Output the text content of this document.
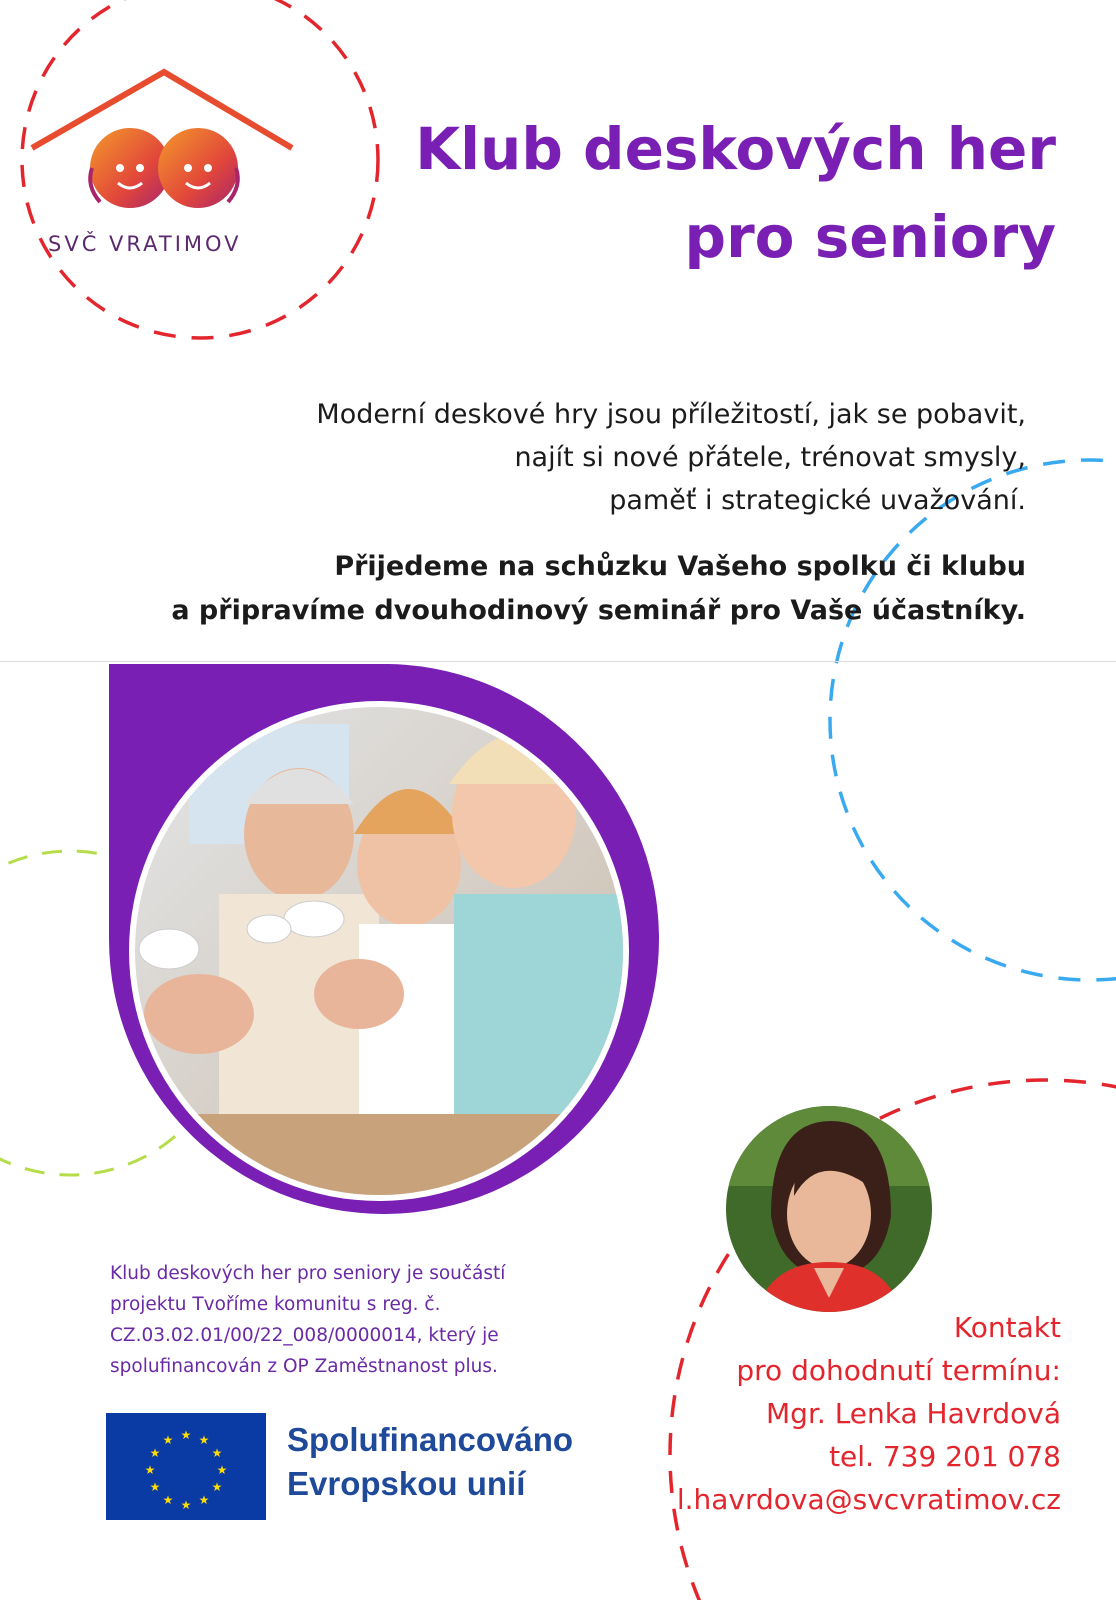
SVČ VRATIMOV
Klub deskových her
pro seniory
Moderní deskové hry jsou příležitostí, jak se pobavit,
najít si nové přátele, trénovat smysly,
paměť i strategické uvažování.
Přijedeme na schůzku Vašeho spolku či klubu
a připravíme dvouhodinový seminář pro Vaše účastníky.
Klub deskových her pro seniory je součástí
projektu Tvoříme komunitu s reg. č.
CZ.03.02.01/00/22_008/0000014, který je
spolufinancován z OP Zaměstnanost plus.
★ ★
★
★
★
★
★
★
★
★
★
★	Spolufinancováno
Evropskou unií
Kontakt
pro dohodnutí termínu:
Mgr. Lenka Havrdová
tel. 739 201 078
l.havrdova@svcvratimov.cz
